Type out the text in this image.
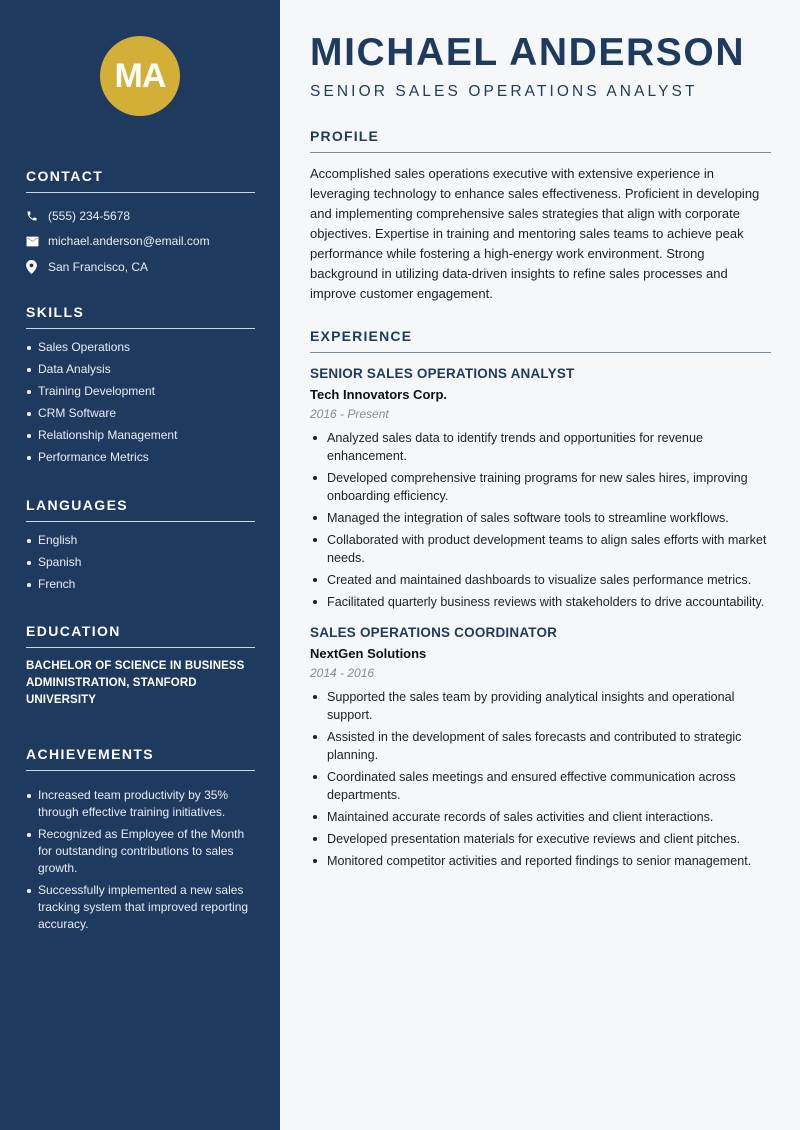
MA
CONTACT
(555) 234-5678
michael.anderson@email.com
San Francisco, CA
SKILLS
Sales Operations
Data Analysis
Training Development
CRM Software
Relationship Management
Performance Metrics
LANGUAGES
English
Spanish
French
EDUCATION

BACHELOR OF SCIENCE IN BUSINESS ADMINISTRATION, STANFORD UNIVERSITY

ACHIEVEMENTS
Increased team productivity by 35% through effective training initiatives.
Recognized as Employee of the Month for outstanding contributions to sales growth.
Successfully implemented a new sales tracking system that improved reporting accuracy.
MICHAEL ANDERSON
SENIOR SALES OPERATIONS ANALYST
PROFILE

Accomplished sales operations executive with extensive experience in leveraging technology to enhance sales effectiveness. Proficient in developing and implementing comprehensive sales strategies that align with corporate objectives. Expertise in training and mentoring sales teams to achieve peak performance while fostering a high-energy work environment. Strong background in utilizing data-driven insights to refine sales processes and improve customer engagement.

EXPERIENCE
SENIOR SALES OPERATIONS ANALYST
Tech Innovators Corp.
2016 - Present
Analyzed sales data to identify trends and opportunities for revenue enhancement.
Developed comprehensive training programs for new sales hires, improving onboarding efficiency.
Managed the integration of sales software tools to streamline workflows.
Collaborated with product development teams to align sales efforts with market needs.
Created and maintained dashboards to visualize sales performance metrics.
Facilitated quarterly business reviews with stakeholders to drive accountability.
SALES OPERATIONS COORDINATOR
NextGen Solutions
2014 - 2016
Supported the sales team by providing analytical insights and operational support.
Assisted in the development of sales forecasts and contributed to strategic planning.
Coordinated sales meetings and ensured effective communication across departments.
Maintained accurate records of sales activities and client interactions.
Developed presentation materials for executive reviews and client pitches.
Monitored competitor activities and reported findings to senior management.
